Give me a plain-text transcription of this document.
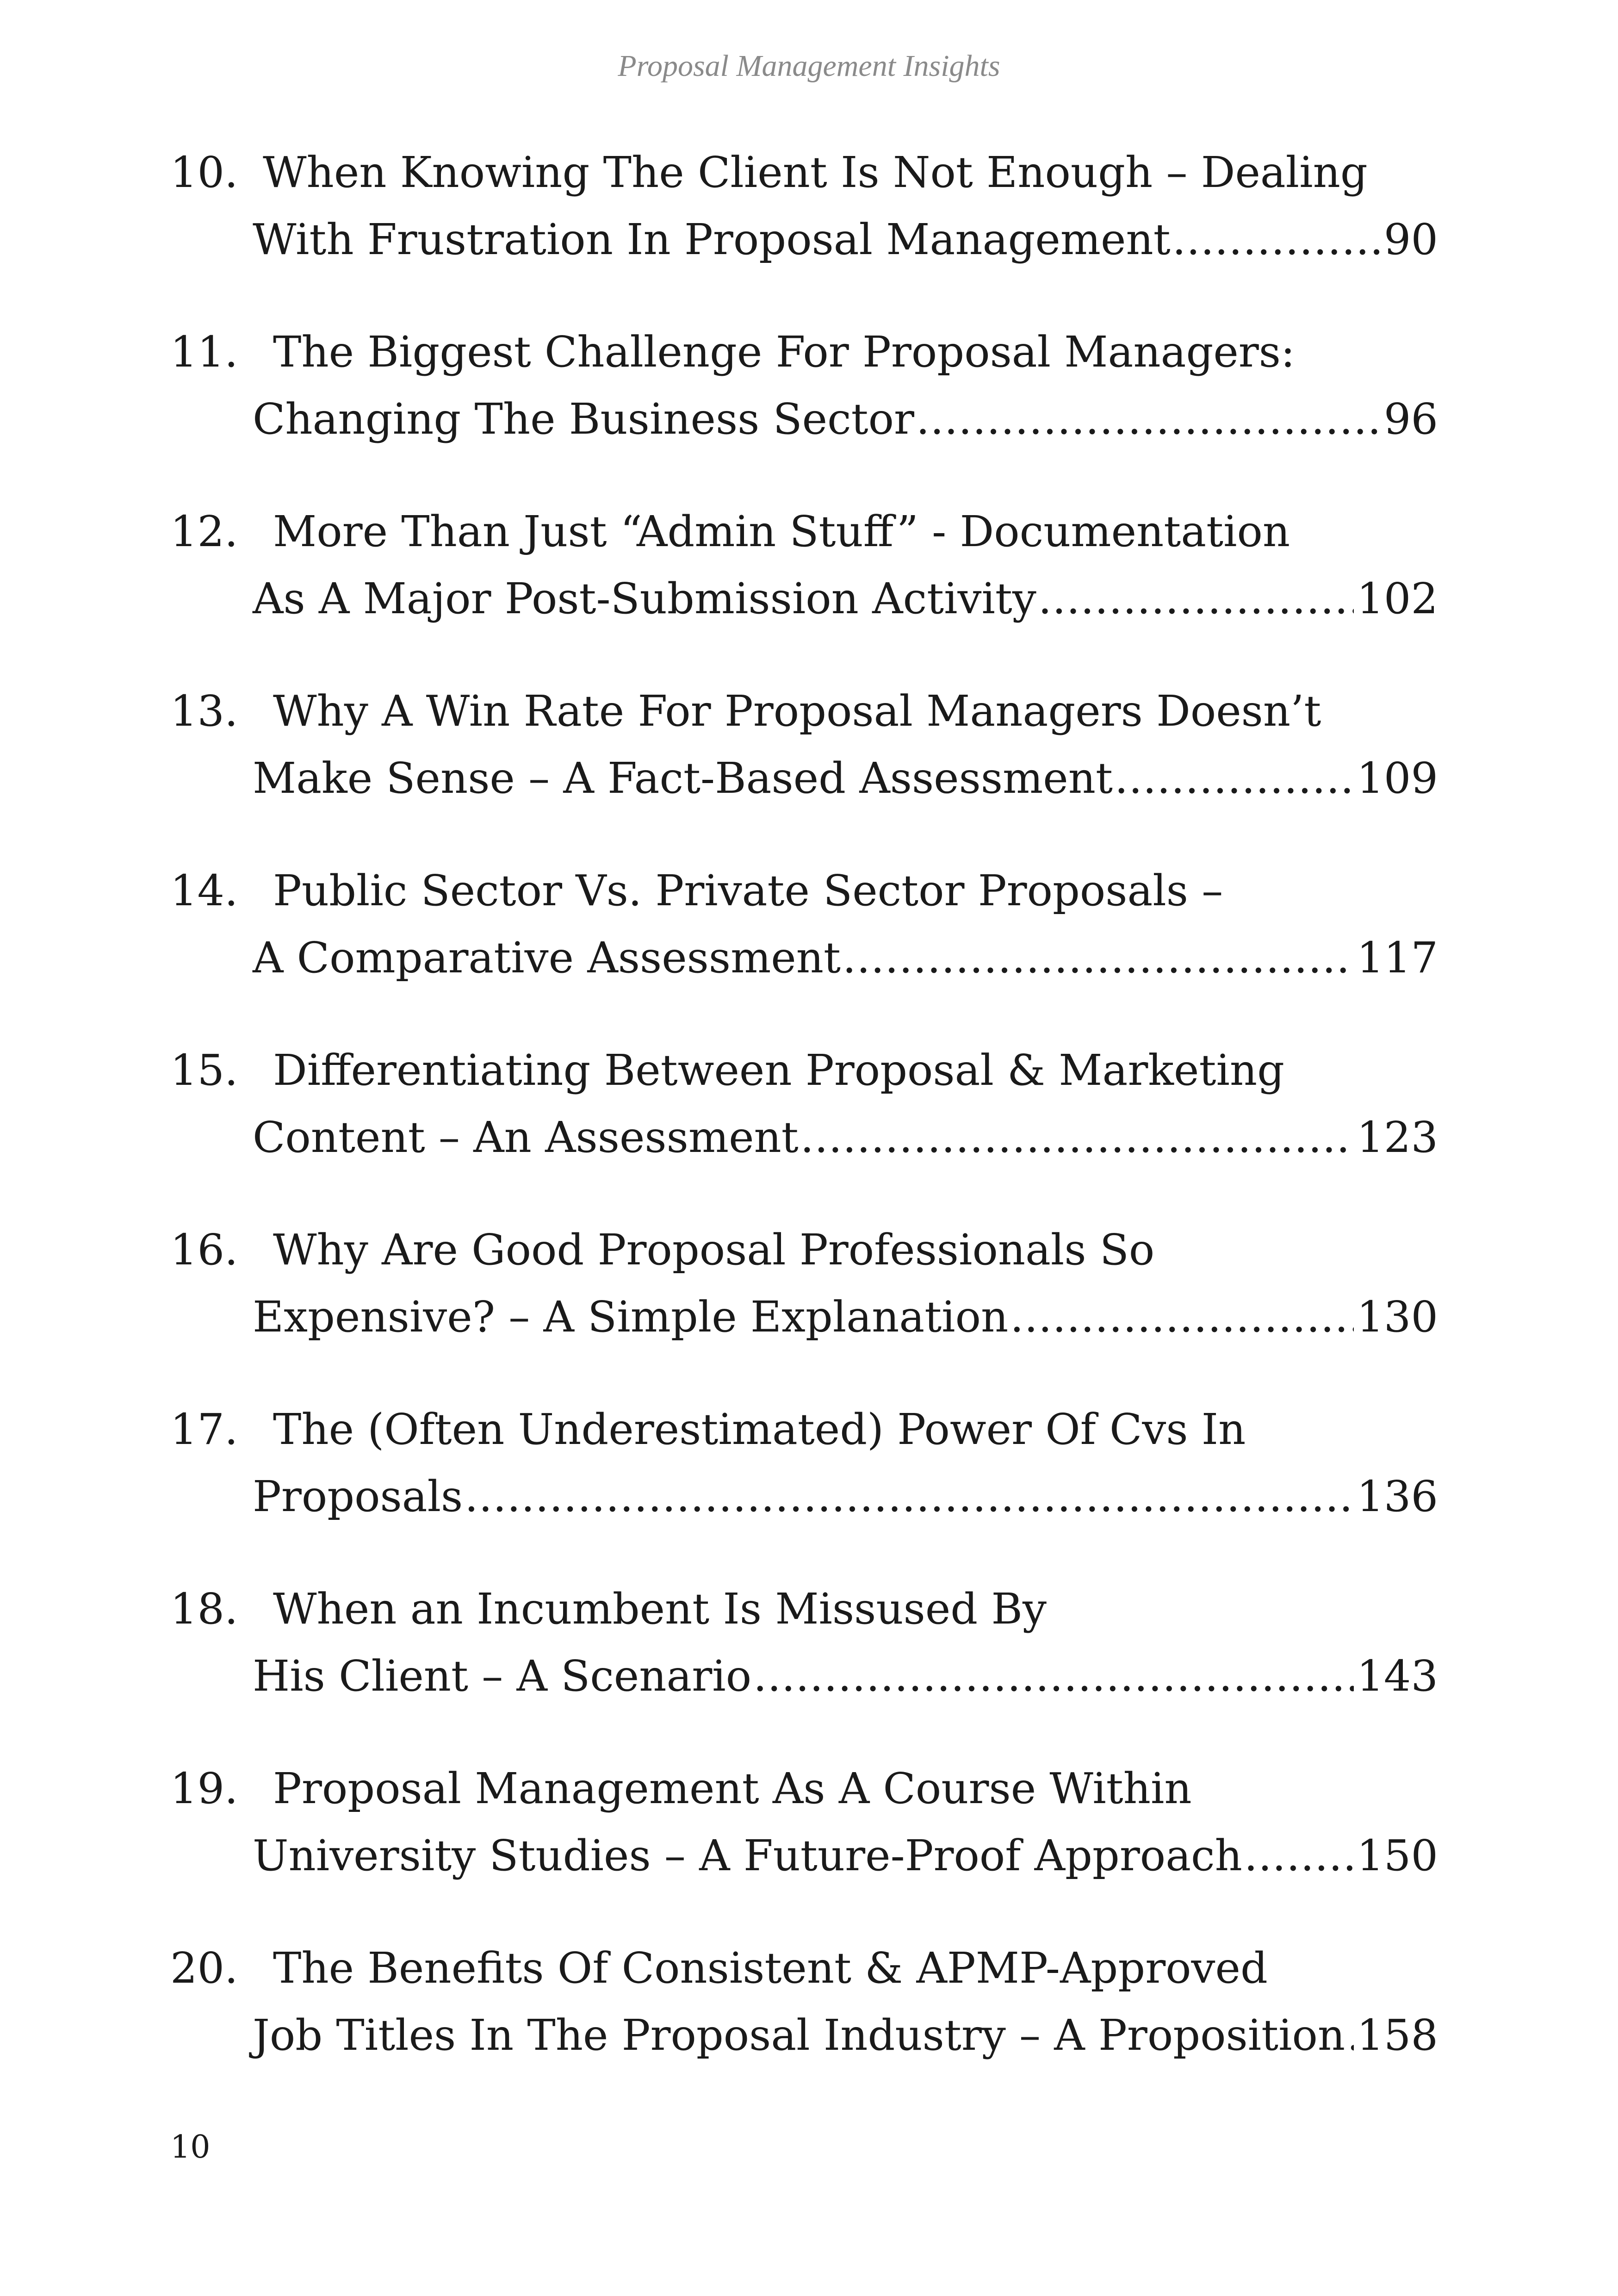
Proposal Management Insights
10. When Knowing The Client Is Not Enough – Dealing
With Frustration In Proposal Management . . .	90
11. The Biggest Challenge For Proposal Managers:
Changing The Business Sector . . .	96
12. More Than Just “Admin Stuff” - Documentation
As A Major Post-Submission Activity . . .	102
13. Why A Win Rate For Proposal Managers Doesn’t
Make Sense – A Fact-Based Assessment . . .	109
14. Public Sector Vs. Private Sector Proposals –
A Comparative Assessment . . .	117
15. Differentiating Between Proposal & Marketing
Content – An Assessment . . .	123
16. Why Are Good Proposal Professionals So
Expensive? – A Simple Explanation . . .	130
17. The (Often Underestimated) Power Of Cvs In
Proposals . . .	136
18. When an Incumbent Is Missused By
His Client – A Scenario . . .	143
19. Proposal Management As A Course Within
University Studies – A Future-Proof Approach . . .	150
20. The Benefits Of Consistent & APMP-Approved
Job Titles In The Proposal Industry – A Proposition . . . 158
10
